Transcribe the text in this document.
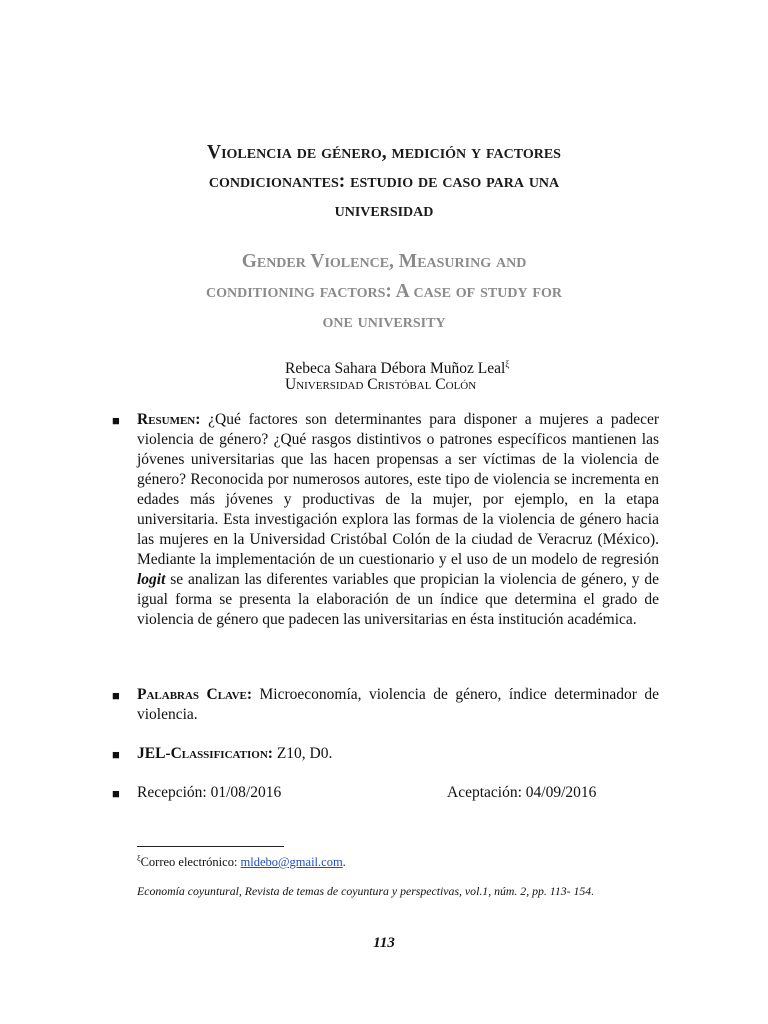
Violencia de género, medición y factores
condicionantes: estudio de caso para una
universidad
Gender Violence, Measuring and
conditioning factors: A case of study for
one university
Rebeca Sahara Débora Muñoz Leal$^\xi$
Universidad Cristóbal Colón
■ Resumen: ¿Qué factores son determinantes para disponer a mujeres a padecer violencia de género? ¿Qué rasgos distintivos o patrones específicos mantienen las jóvenes universitarias que las hacen propensas a ser víctimas de la violencia de género? Reconocida por numerosos autores, este tipo de violencia se incrementa en edades más jóvenes y productivas de la mujer, por ejemplo, en la etapa universitaria. Esta investigación explora las formas de la violencia de género hacia las mujeres en la Universidad Cristóbal Colón de la ciudad de Veracruz (México). Mediante la implementación de un cuestionario y el uso de un modelo de regresión logit se analizan las diferentes variables que propician la violencia de género, y de igual forma se presenta la elaboración de un índice que determina el grado de violencia de género que padecen las universitarias en ésta institución académica.
■ Palabras Clave: Microeconomía, violencia de género, índice determinador de violencia.
■ JEL-Classification: Z10, D0.
■ Recepción: 01/08/2016	Aceptación: 04/09/2016
$^\xi$Correo electrónico: mldebo@gmail.com.
Economía coyuntural, Revista de temas de coyuntura y perspectivas, vol.1, núm. 2, pp. 113- 154.
113
